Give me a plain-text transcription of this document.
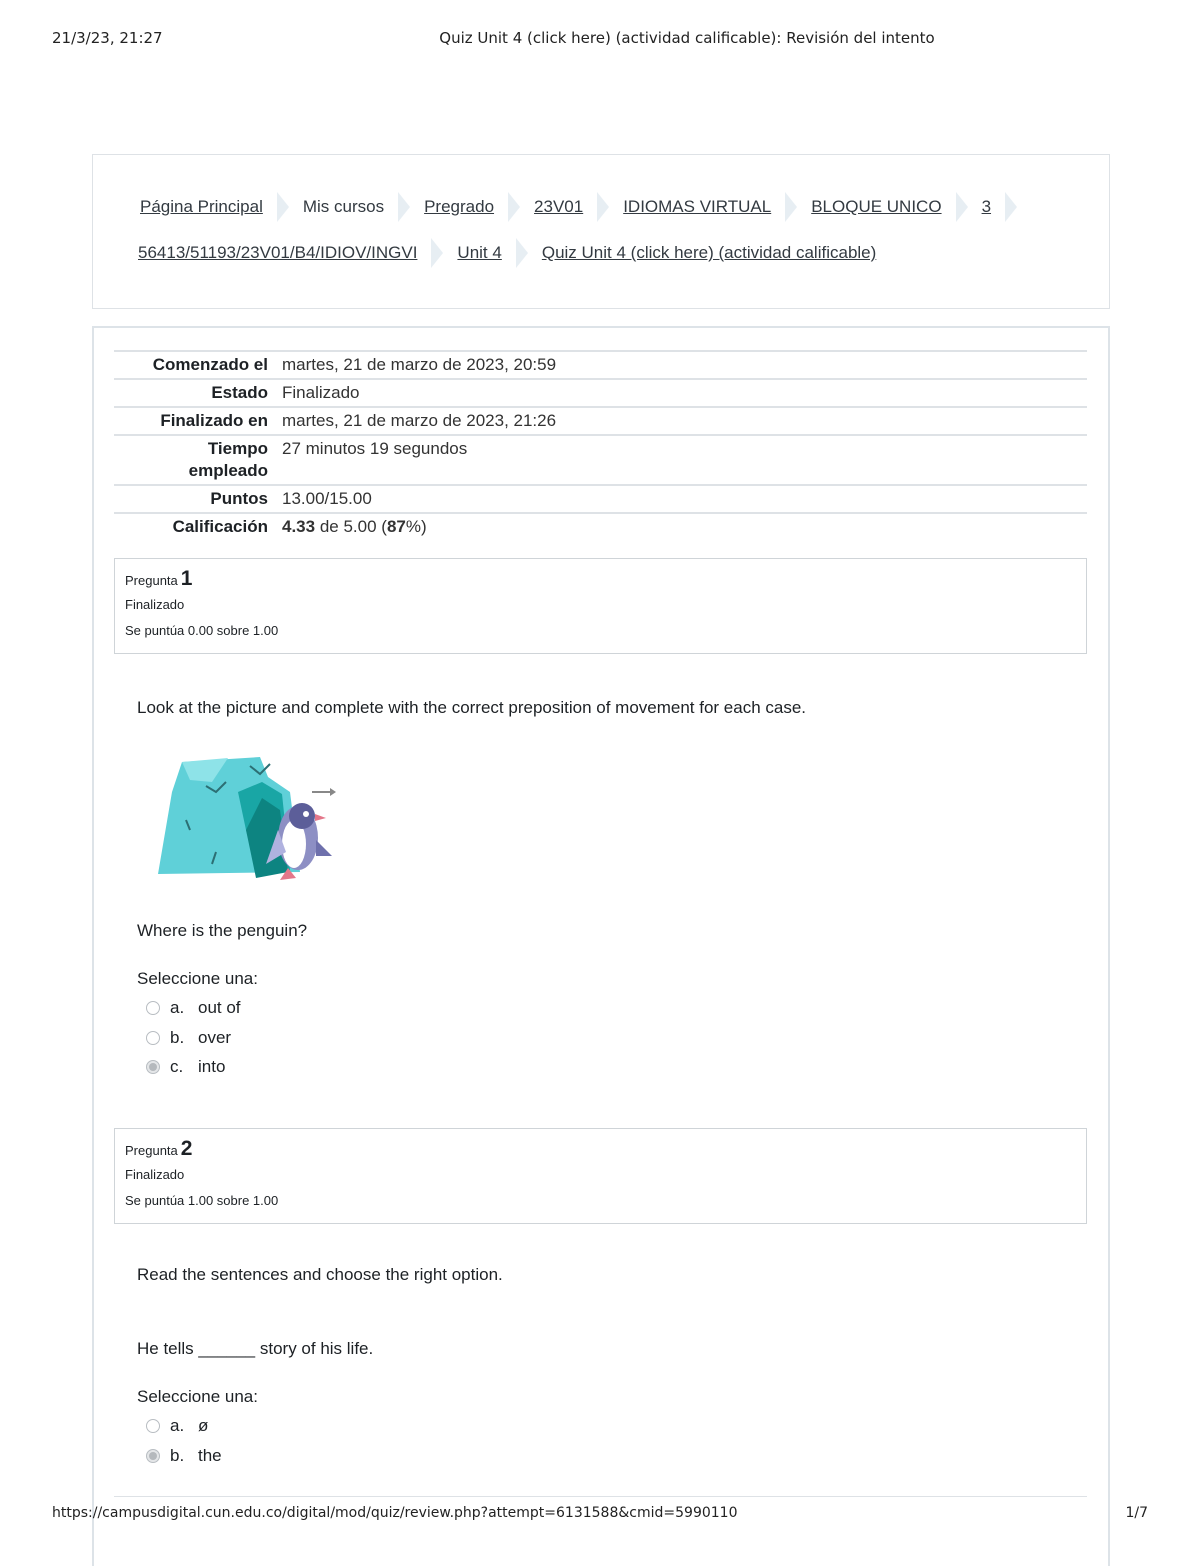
21/3/23, 21:27	Quiz Unit 4 (click here) (actividad calificable): Revisión del intento
Página Principal Mis cursos Pregrado 23V01 IDIOMAS VIRTUAL BLOQUE UNICO 3
56413/51193/23V01/B4/IDIOV/INGVI Unit 4 Quiz Unit 4 (click here) (actividad calificable)
Comenzado el	martes, 21 de marzo de 2023, 20:59
Estado	Finalizado
Finalizado en	martes, 21 de marzo de 2023, 21:26
Tiempo
empleado	27 minutos 19 segundos
Puntos	13.00/15.00
Calificación	4.33 de 5.00 (87%)
Pregunta 1
Finalizado
Se puntúa 0.00 sobre 1.00
Look at the picture and complete with the correct preposition of movement for each case.
Where is the penguin?
Seleccione una:
a. out of
b. over
c. into
Pregunta 2
Finalizado
Se puntúa 1.00 sobre 1.00
Read the sentences and choose the right option.
He tells ______ story of his life.
Seleccione una:
a. ø
b. the
https://campusdigital.cun.edu.co/digital/mod/quiz/review.php?attempt=6131588&cmid=5990110	1/7
